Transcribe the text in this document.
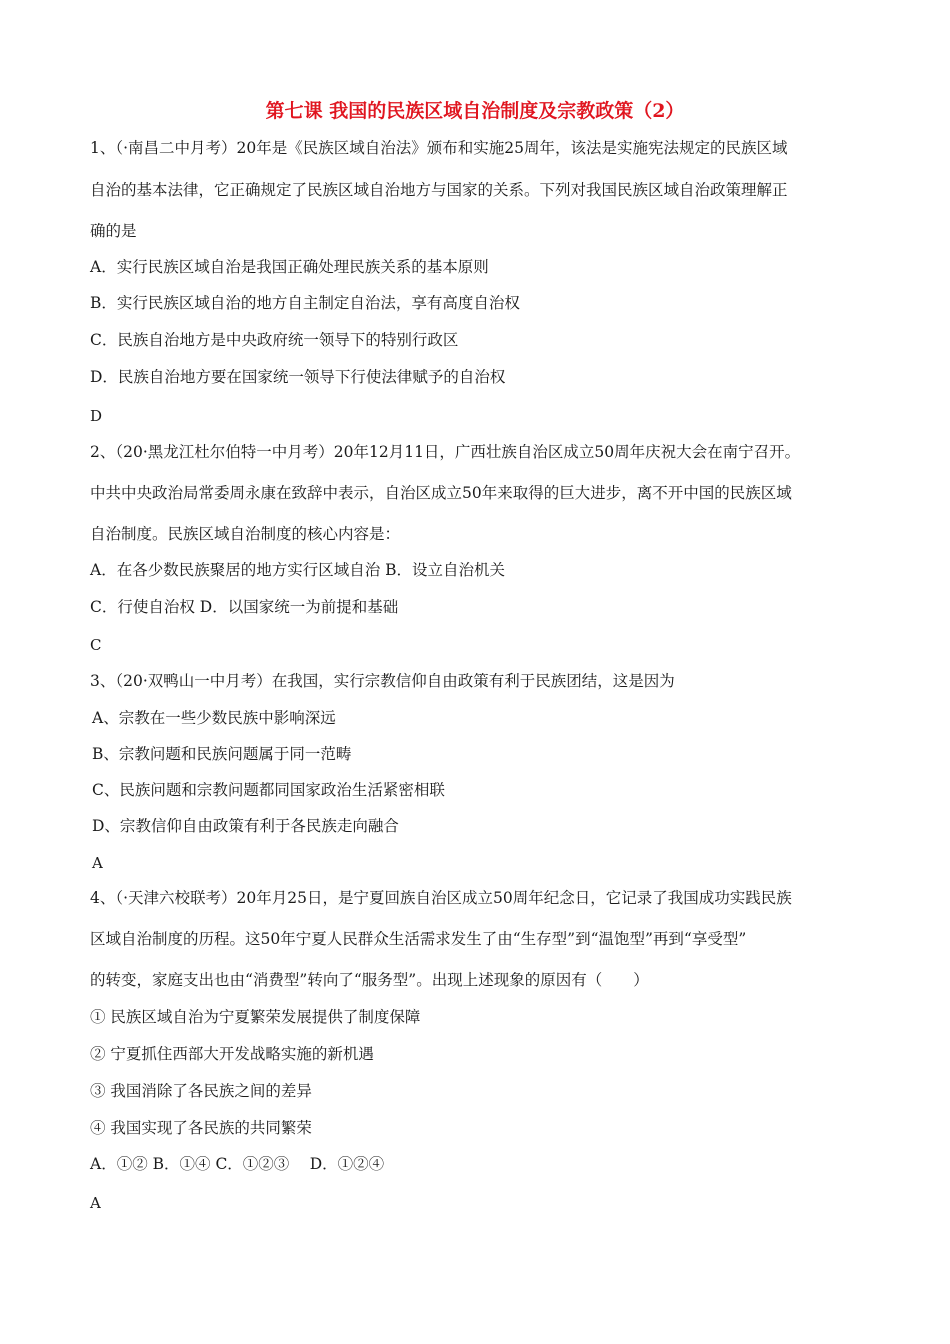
第七课 我国的民族区域自治制度及宗教政策（2）

1、（·南昌二中月考）20年是《民族区域自治法》颁布和实施25周年，该法是实施宪法规定的民族区域

自治的基本法律，它正确规定了民族区域自治地方与国家的关系。下列对我国民族区域自治政策理解正

确的是

A．实行民族区域自治是我国正确处理民族关系的基本原则

B．实行民族区域自治的地方自主制定自治法，享有高度自治权

C．民族自治地方是中央政府统一领导下的特别行政区

D．民族自治地方要在国家统一领导下行使法律赋予的自治权

D

2、（20·黑龙江杜尔伯特一中月考）20年12月11日，广西壮族自治区成立50周年庆祝大会在南宁召开。

中共中央政治局常委周永康在致辞中表示，自治区成立50年来取得的巨大进步，离不开中国的民族区域

自治制度。民族区域自治制度的核心内容是：

A．在各少数民族聚居的地方实行区域自治 B．设立自治机关

C．行使自治权 D．以国家统一为前提和基础

C

3、（20·双鸭山一中月考）在我国，实行宗教信仰自由政策有利于民族团结，这是因为

A、宗教在一些少数民族中影响深远

B、宗教问题和民族问题属于同一范畴

C、民族问题和宗教问题都同国家政治生活紧密相联

D、宗教信仰自由政策有利于各民族走向融合

A

4、（·天津六校联考）20年月25日，是宁夏回族自治区成立50周年纪念日，它记录了我国成功实践民族

区域自治制度的历程。这50年宁夏人民群众生活需求发生了由“生存型”到“温饱型”再到“享受型”

的转变，家庭支出也由“消费型”转向了“服务型”。出现上述现象的原因有（　　）

① 民族区域自治为宁夏繁荣发展提供了制度保障

② 宁夏抓住西部大开发战略实施的新机遇

③ 我国消除了各民族之间的差异

④ 我国实现了各民族的共同繁荣

A．①② B．①④ C．①②③　 D．①②④

A
